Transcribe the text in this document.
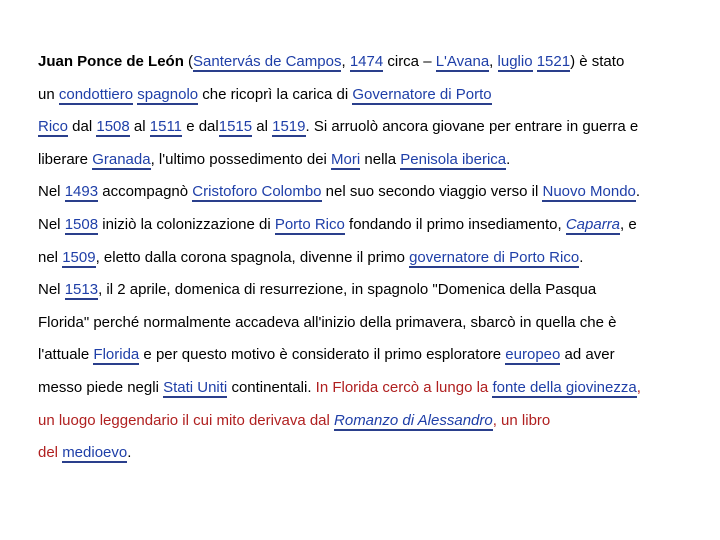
Juan Ponce de León (Santervás de Campos, 1474 circa – L'Avana, luglio 1521) è stato
un condottiero spagnolo che ricoprì la carica di Governatore di Porto
Rico dal 1508 al 1511 e dal1515 al 1519. Si arruolò ancora giovane per entrare in guerra e
liberare Granada, l'ultimo possedimento dei Mori nella Penisola iberica.
Nel 1493 accompagnò Cristoforo Colombo nel suo secondo viaggio verso il Nuovo Mondo.
Nel 1508 iniziò la colonizzazione di Porto Rico fondando il primo insediamento, Caparra, e
nel 1509, eletto dalla corona spagnola, divenne il primo governatore di Porto Rico.
Nel 1513, il 2 aprile, domenica di resurrezione, in spagnolo "Domenica della Pasqua
Florida" perché normalmente accadeva all'inizio della primavera, sbarcò in quella che è
l'attuale Florida e per questo motivo è considerato il primo esploratore europeo ad aver
messo piede negli Stati Uniti continentali. In Florida cercò a lungo la fonte della giovinezza,
un luogo leggendario il cui mito derivava dal Romanzo di Alessandro, un libro
del medioevo.
